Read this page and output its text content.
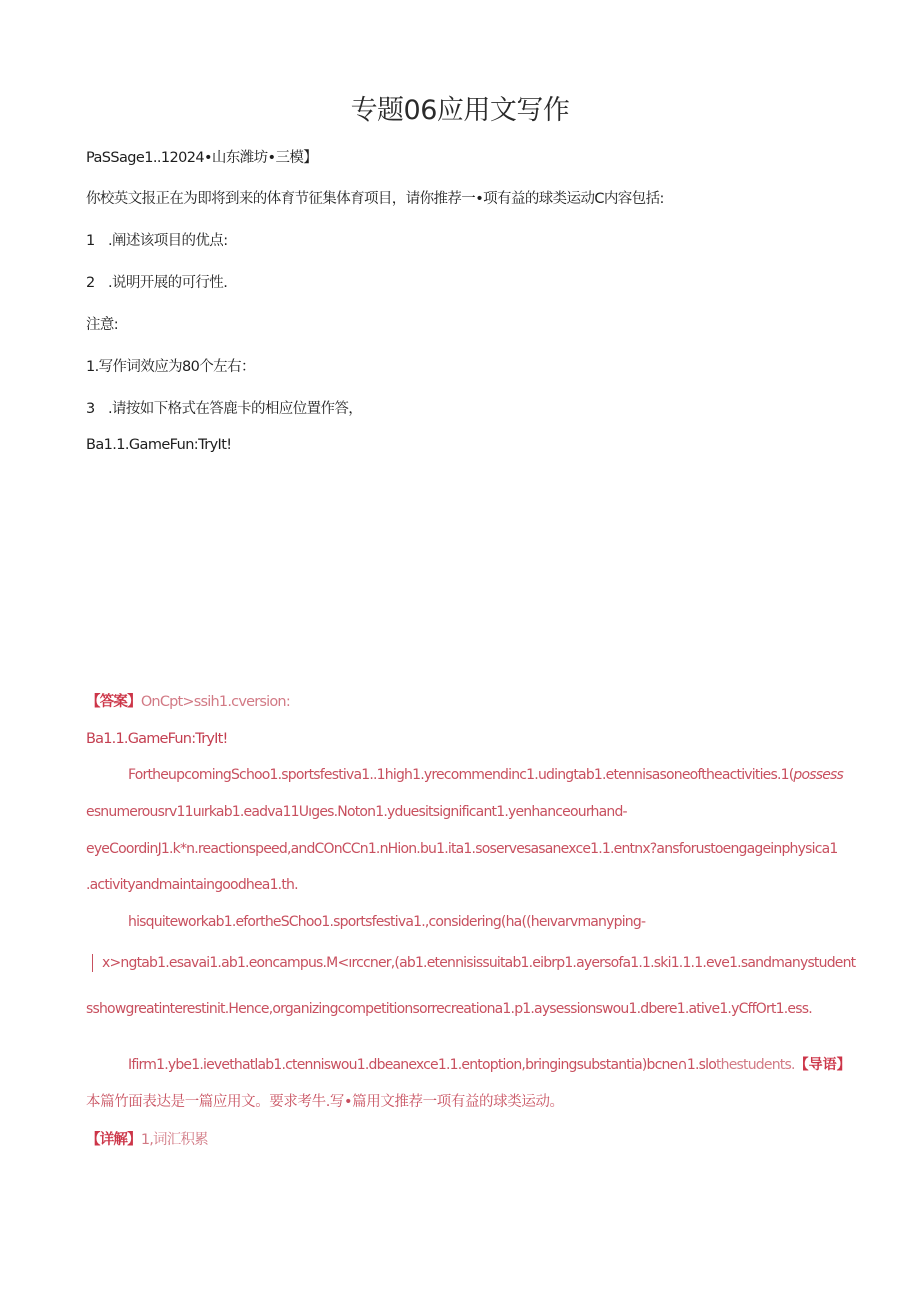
专题06应用文写作
PaSSage1..12024•山东潍坊•三模】
你校英文报正在为即将到来的体育节征集体育项目，请你推荐一•项有益的球类运动C内容包括:
1 .阐述该项目的优点:
2 .说明开展的可行性.
注意:
1.写作词效应为80个左右：
3 .请按如下格式在答鹿卡的相应位置作答，
Ba1.1.GameFun:TryIt!
【答案】OnCpt>ssih1.cversion:
Ba1.1.GameFun:TryIt!
FortheupcomingSchoo1.sportsfestiva1..1high1.yrecommendinc1.udingtab1.etennisasoneoftheactivities.1(possess
esnumerousrv11uırkab1.eadva11Uıges.Noton1.yduesitsignificant1.yenhanceourhand-
eyeCoordinJ1.k*n.reactionspeed,andCOnCCn1.nHion.bu1.ita1.soservesasanexce1.1.entnx?ansforustoengageinphysica1
.activityandmaintaingoodhea1.th.
hisquiteworkab1.efortheSChoo1.sportsfestiva1.,considering(ha((heıvarvmanyping-
x>ngtab1.esavai1.ab1.eoncampus.M<ırccner,(ab1.etennisissuitab1.eibrp1.ayersofa1.1.ski1.1.1.eve1.sandmanystudent
sshowgreatinterestinit.Hence,organizingcompetitionsorrecreationa1.p1.aysessionswou1.dbere1.ative1.yCffOrt1.ess.
Ifirm1.ybe1.ievethatlab1.ctenniswou1.dbeanexce1.1.entoption,bringingsubstantia)bcne∩1.slothestudents.【导语】
本篇竹面表达是一篇应用文。要求考牛.写•篇用文推荐一项有益的球类运动。
【详解】1,词汇积累
